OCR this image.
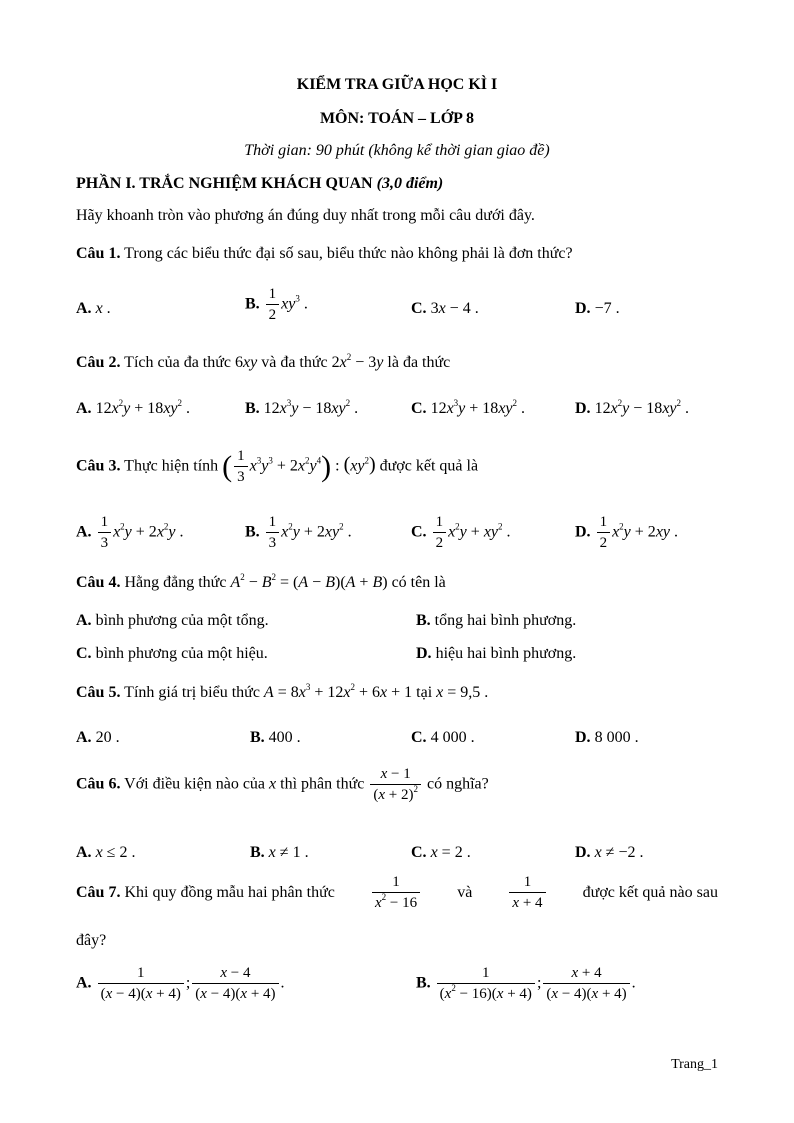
KIỂM TRA GIỮA HỌC KÌ I
MÔN: TOÁN – LỚP 8
Thời gian: 90 phút (không kể thời gian giao đề)
PHẦN I. TRẮC NGHIỆM KHÁCH QUAN (3,0 điểm)
Hãy khoanh tròn vào phương án đúng duy nhất trong mỗi câu dưới đây.
Câu 1. Trong các biểu thức đại số sau, biểu thức nào không phải là đơn thức?
A. x .	B. $\frac{1}{2} xy^3$ .	C. 3x − 4 .	D. −7 .
Câu 2. Tích của đa thức 6xy và đa thức $2x^2 - 3y$ là đa thức
A. $12x^2y + 18xy^2$ .	B. $12x^3y - 18xy^2$ .	C. $12x^3y + 18xy^2$ .	D. $12x^2y - 18xy^2$ .
Câu 3. Thực hiện tính ( $\frac{1}{3} x^3y^3 + 2x^2y^4$) : $(xy^2)$ được kết quả là
A. $\frac{1}{3} x^2y + 2x^2y$ .	B. $\frac{1}{3} x^2y + 2xy^2$ .	C. $\frac{1}{2} x^2y + xy^2$ .	D. $\frac{1}{2} x^2y + 2xy$ .
Câu 4. Hằng đẳng thức $A^2 - B^2 = (A - B)(A + B)$ có tên là
A. bình phương của một tổng.	B. tổng hai bình phương.
C. bình phương của một hiệu.	D. hiệu hai bình phương.
Câu 5. Tính giá trị biểu thức $A = 8x^3 + 12x^2 + 6x + 1$ tại x = 9,5 .
A. 20 .	B. 400 .	C. 4 000 .	D. 8 000 .
Câu 6. Với điều kiện nào của x thì phân thức $\frac{x - 1}{(x + 2)^2}$ có nghĩa?
A. x ≤ 2 .	B. x ≠ 1 .	C. x = 2 .	D. x ≠ −2 .
Câu 7. Khi quy đồng mẫu hai phân thức $\frac{1}{x^2 - 16}$ và $\frac{1}{x + 4}$ được kết quả nào sau
đây?
A. $\frac{1}{(x - 4)(x + 4)}$ ; $\frac{x - 4}{(x - 4)(x + 4)}$ .	B. $\frac{1}{(x^2 - 16)(x + 4)}$ ; $\frac{x + 4}{(x - 4)(x + 4)}$ .
Trang_1
